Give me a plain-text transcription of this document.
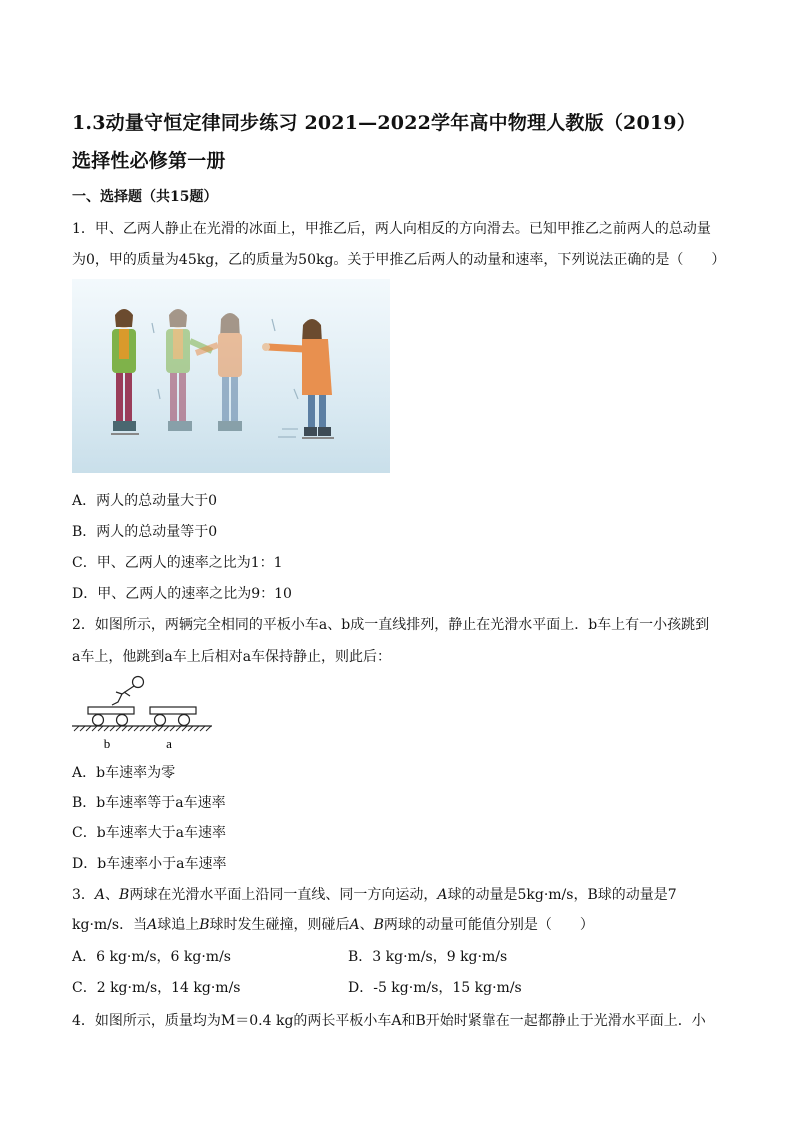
1.3动量守恒定律同步练习 2021—2022学年高中物理人教版（2019）
选择性必修第一册
一、选择题（共15题）
1．甲、乙两人静止在光滑的冰面上，甲推乙后，两人向相反的方向滑去。已知甲推乙之前两人的总动量
为0，甲的质量为45kg，乙的质量为50kg。关于甲推乙后两人的动量和速率，下列说法正确的是（　　）
A．两人的总动量大于0
B．两人的总动量等于0
C．甲、乙两人的速率之比为1：1
D．甲、乙两人的速率之比为9：10
2．如图所示，两辆完全相同的平板小车a、b成一直线排列，静止在光滑水平面上．b车上有一小孩跳到
a车上，他跳到a车上后相对a车保持静止，则此后：
b	a
A．b车速率为零
B．b车速率等于a车速率
C．b车速率大于a车速率
D．b车速率小于a车速率
3．A、B两球在光滑水平面上沿同一直线、同一方向运动，A球的动量是5kg·m/s，B球的动量是7
kg·m/s．当A球追上B球时发生碰撞，则碰后A、B两球的动量可能值分别是（　　）
A．6 kg·m/s，6 kg·m/s	B．3 kg·m/s，9 kg·m/s
C．2 kg·m/s，14 kg·m/s	D．-5 kg·m/s，15 kg·m/s
4．如图所示，质量均为M＝0.4 kg的两长平板小车A和B开始时紧靠在一起都静止于光滑水平面上．小
